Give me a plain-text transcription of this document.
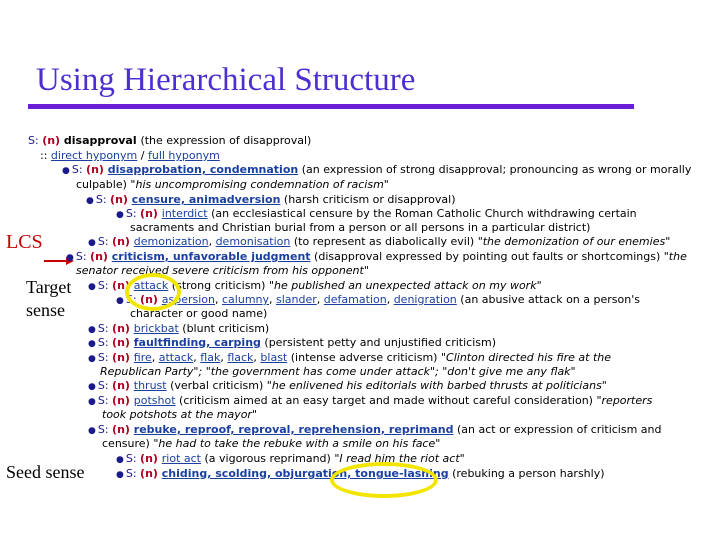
Using Hierarchical Structure
LCS
Target
sense
Seed sense
S: (n) disapproval (the expression of disapproval)
:: direct hyponym / full hyponym
● S: (n) disapprobation, condemnation (an expression of strong disapproval; pronouncing as wrong or morally
culpable) "his uncompromising condemnation of racism"
● S: (n) censure, animadversion (harsh criticism or disapproval)
● S: (n) interdict (an ecclesiastical censure by the Roman Catholic Church withdrawing certain
sacraments and Christian burial from a person or all persons in a particular district)
● S: (n) demonization, demonisation (to represent as diabolically evil) "the demonization of our enemies"
● S: (n) criticism, unfavorable judgment (disapproval expressed by pointing out faults or shortcomings) "the
senator received severe criticism from his opponent"
● S: (n) attack (strong criticism) "he published an unexpected attack on my work"
● S: (n) aspersion, calumny, slander, defamation, denigration (an abusive attack on a person's
character or good name)
● S: (n) brickbat (blunt criticism)
● S: (n) faultfinding, carping (persistent petty and unjustified criticism)
● S: (n) fire, attack, flak, flack, blast (intense adverse criticism) "Clinton directed his fire at the
Republican Party"; "the government has come under attack"; "don't give me any flak"
● S: (n) thrust (verbal criticism) "he enlivened his editorials with barbed thrusts at politicians"
● S: (n) potshot (criticism aimed at an easy target and made without careful consideration) "reporters
took potshots at the mayor"
● S: (n) rebuke, reproof, reproval, reprehension, reprimand (an act or expression of criticism and
censure) "he had to take the rebuke with a smile on his face"
● S: (n) riot act (a vigorous reprimand) "I read him the riot act"
● S: (n) chiding, scolding, objurgation, tongue-lashing (rebuking a person harshly)
